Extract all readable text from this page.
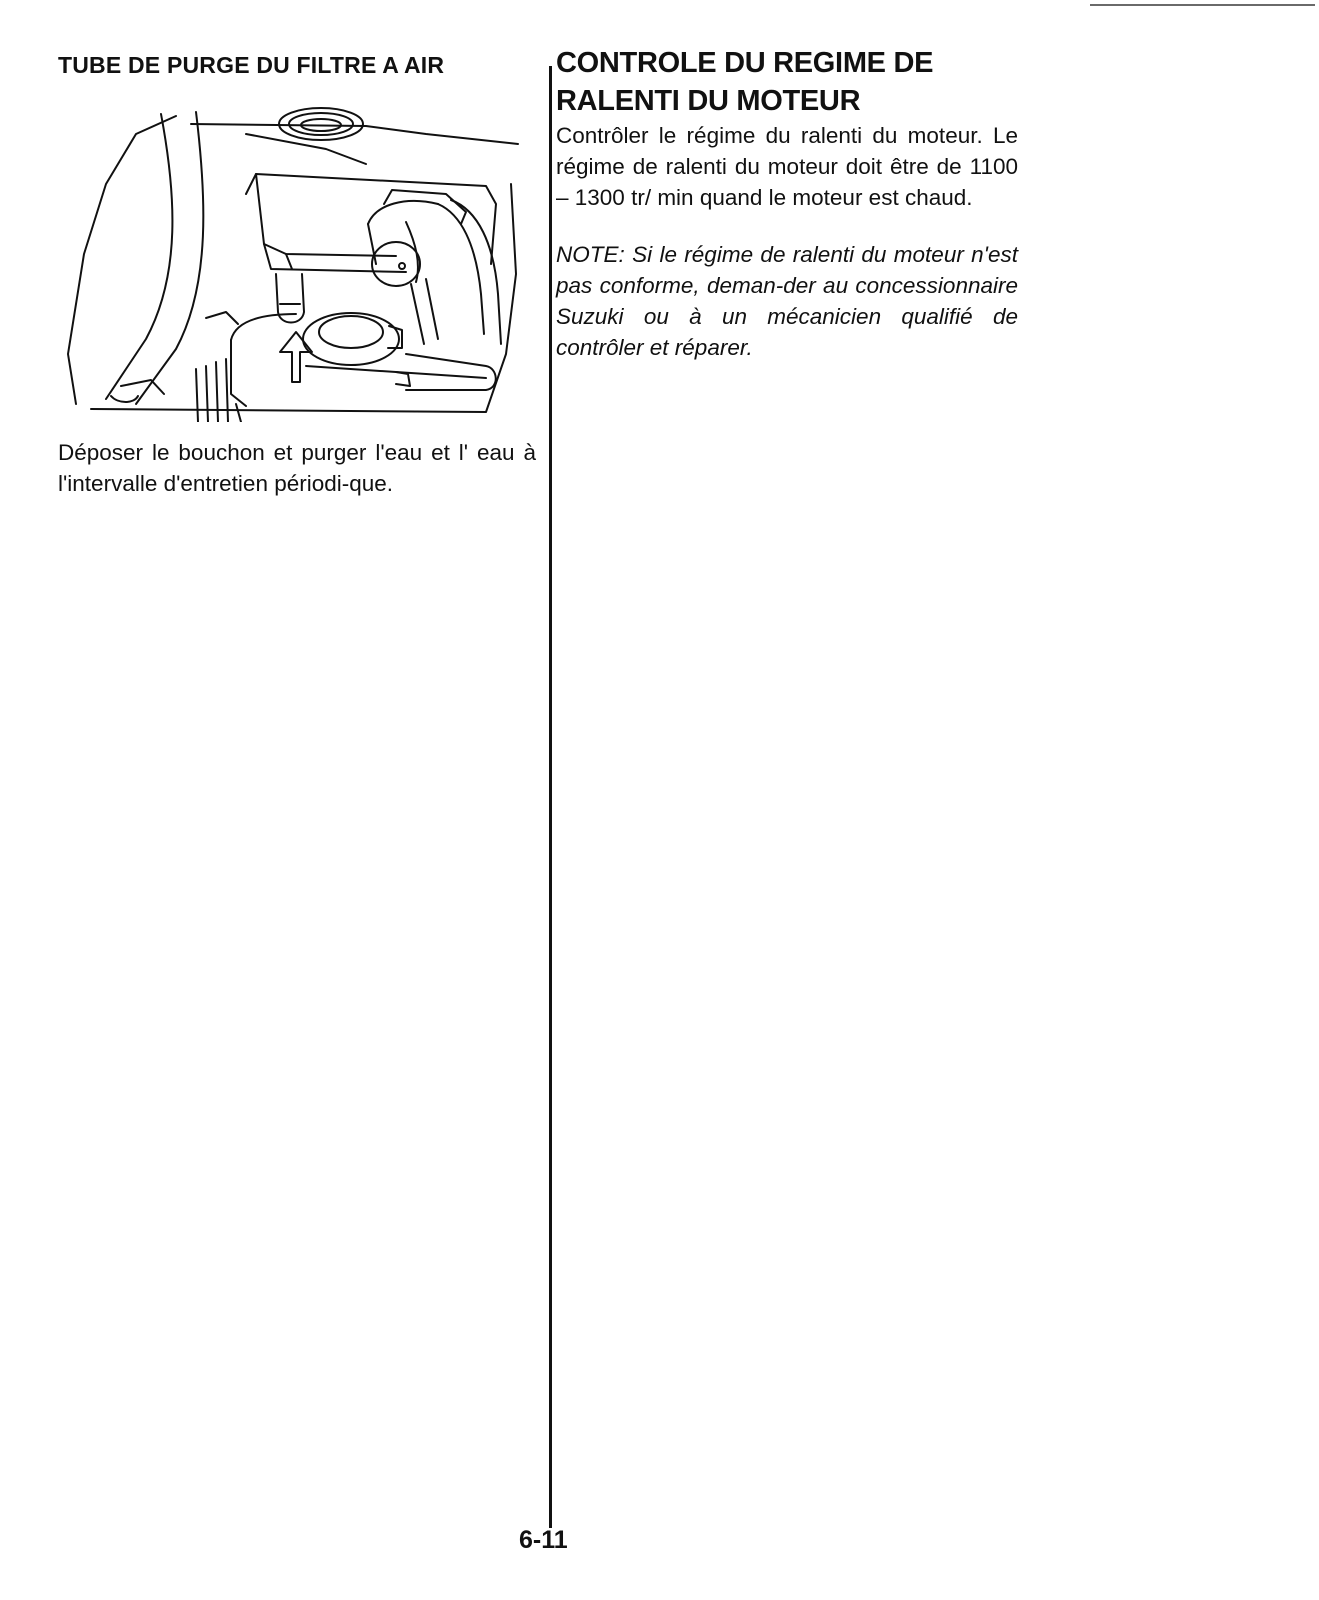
TUBE DE PURGE DU FILTRE A AIR

Déposer le bouchon et purger l'eau et l' eau à l'intervalle d'entretien périodi-que.

CONTROLE DU REGIME DE RALENTI DU MOTEUR

Contrôler le régime du ralenti du moteur. Le régime de ralenti du moteur doit être de 1100 – 1300 tr/ min quand le moteur est chaud.

NOTE: Si le régime de ralenti du moteur n'est pas conforme, deman-der au concessionnaire Suzuki ou à un mécanicien qualifié de contrôler et réparer.

6-11
